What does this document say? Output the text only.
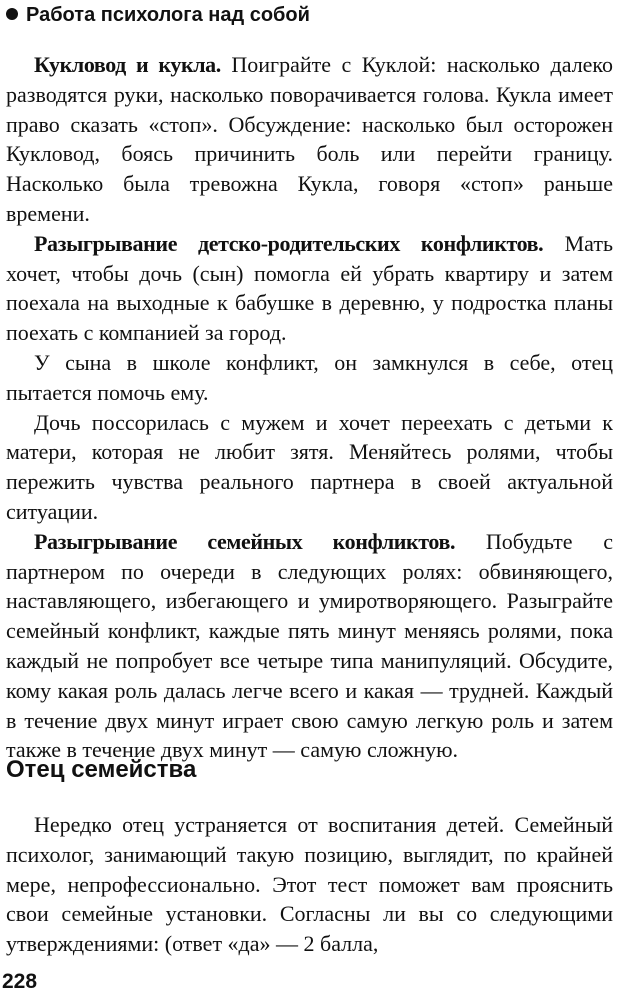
Работа психолога над собой

Кукловод и кукла. Поиграйте с Куклой: насколько далеко разводятся руки, насколько поворачивается голова. Кукла имеет право сказать «стоп». Обсуждение: насколько был осторожен Кукловод, боясь причинить боль или перейти границу. Насколько была тревожна Кукла, говоря «стоп» раньше времени.

Разыгрывание детско-родительских конфликтов. Мать хочет, чтобы дочь (сын) помогла ей убрать квартиру и затем поехала на выходные к бабушке в деревню, у подростка планы поехать с компанией за город.

У сына в школе конфликт, он замкнулся в себе, отец пытается помочь ему.

Дочь поссорилась с мужем и хочет переехать с детьми к матери, которая не любит зятя. Меняйтесь ролями, чтобы пережить чувства реального партнера в своей актуальной ситуации.

Разыгрывание семейных конфликтов. Побудьте с партнером по очереди в следующих ролях: обвиняющего, наставляющего, избегающего и умиротворяющего. Разыграйте семейный конфликт, каждые пять минут меняясь ролями, пока каждый не попробует все четыре типа манипуляций. Обсудите, кому какая роль далась легче всего и какая — трудней. Каждый в течение двух минут играет свою самую легкую роль и затем также в течение двух минут — самую сложную.

Отец семейства

Нередко отец устраняется от воспитания детей. Семейный психолог, занимающий такую позицию, выглядит, по крайней мере, непрофессионально. Этот тест поможет вам прояснить свои семейные установки. Согласны ли вы со следующими утверждениями: (ответ «да» — 2 балла,

228
